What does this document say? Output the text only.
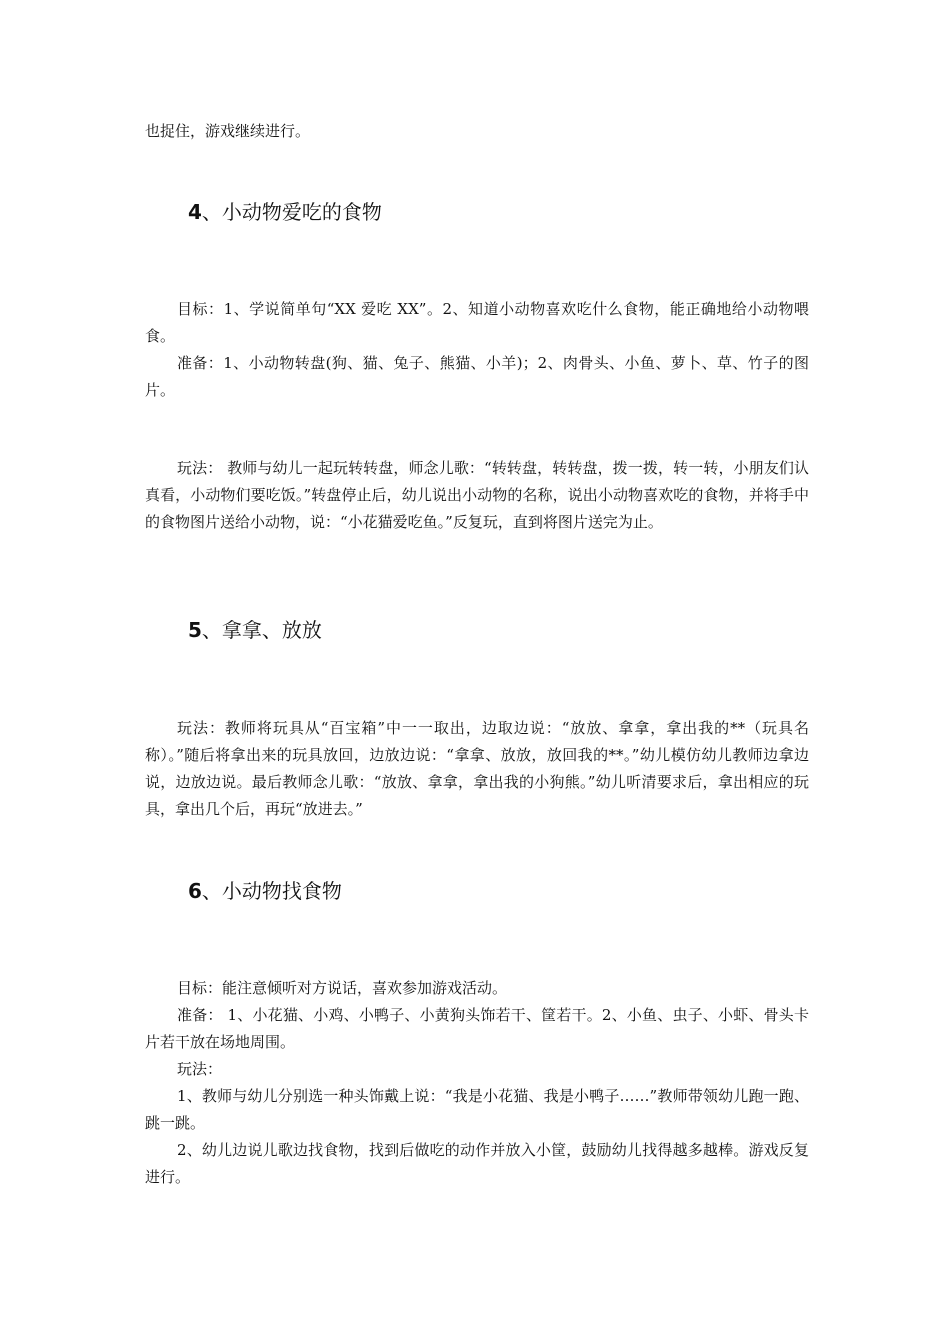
也捉住，游戏继续进行。

4、小动物爱吃的食物

目标：1、学说简单句“XX 爱吃 XX”。2、知道小动物喜欢吃什么食物，能正确地给小动物喂食。

准备：1、小动物转盘(狗、猫、兔子、熊猫、小羊)；2、肉骨头、小鱼、萝卜、草、竹子的图片。

玩法： 教师与幼儿一起玩转转盘，师念儿歌：“转转盘，转转盘，拨一拨，转一转，小朋友们认真看，小动物们要吃饭。”转盘停止后，幼儿说出小动物的名称，说出小动物喜欢吃的食物，并将手中的食物图片送给小动物，说：“小花猫爱吃鱼。”反复玩，直到将图片送完为止。

5、拿拿、放放

玩法：教师将玩具从“百宝箱”中一一取出，边取边说：“放放、拿拿，拿出我的**（玩具名称）。”随后将拿出来的玩具放回，边放边说：“拿拿、放放，放回我的**。”幼儿模仿幼儿教师边拿边说，边放边说。最后教师念儿歌：“放放、拿拿，拿出我的小狗熊。”幼儿听清要求后，拿出相应的玩具，拿出几个后，再玩“放进去。”

6、小动物找食物

目标：能注意倾听对方说话，喜欢参加游戏活动。

准备： 1、小花猫、小鸡、小鸭子、小黄狗头饰若干、筐若干。2、小鱼、虫子、小虾、骨头卡片若干放在场地周围。

玩法：

1、教师与幼儿分别选一种头饰戴上说：“我是小花猫、我是小鸭子……”教师带领幼儿跑一跑、跳一跳。

2、幼儿边说儿歌边找食物，找到后做吃的动作并放入小筐，鼓励幼儿找得越多越棒。游戏反复进行。
